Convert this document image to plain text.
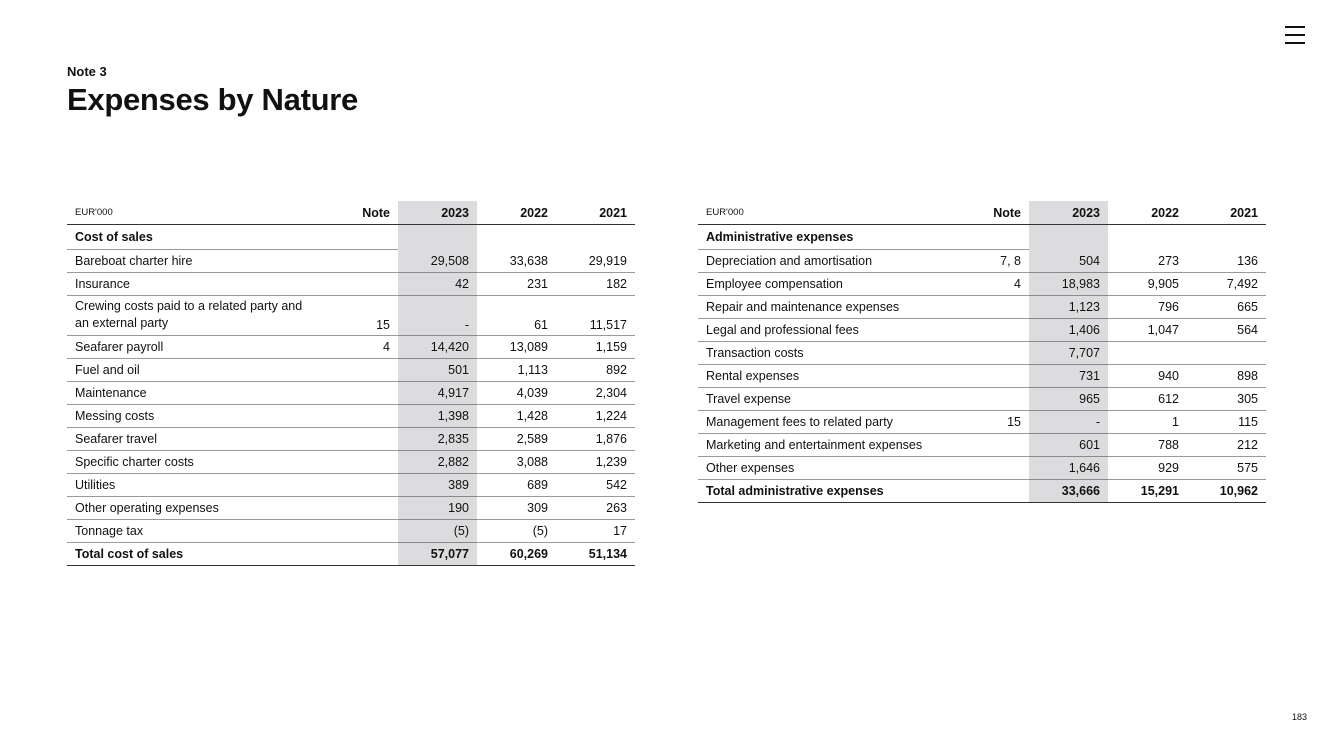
Note 3
Expenses by Nature
183
EUR'000	Note	2023	2022	2021
Cost of sales				
Bareboat charter hire		29,508	33,638	29,919
Insurance		42	231	182
Crewing costs paid to a related party and an external party	15	-	61	11,517
Seafarer payroll	4	14,420	13,089	1,159
Fuel and oil		501	1,113	892
Maintenance		4,917	4,039	2,304
Messing costs		1,398	1,428	1,224
Seafarer travel		2,835	2,589	1,876
Specific charter costs		2,882	3,088	1,239
Utilities		389	689	542
Other operating expenses		190	309	263
Tonnage tax		(5)	(5)	17
Total cost of sales		57,077	60,269	51,134
EUR'000	Note	2023	2022	2021
Administrative expenses				
Depreciation and amortisation	7, 8	504	273	136
Employee compensation	4	18,983	9,905	7,492
Repair and maintenance expenses		1,123	796	665
Legal and professional fees		1,406	1,047	564
Transaction costs		7,707		
Rental expenses		731	940	898
Travel expense		965	612	305
Management fees to related party	15	-	1	115
Marketing and entertainment expenses		601	788	212
Other expenses		1,646	929	575
Total administrative expenses		33,666	15,291	10,962
